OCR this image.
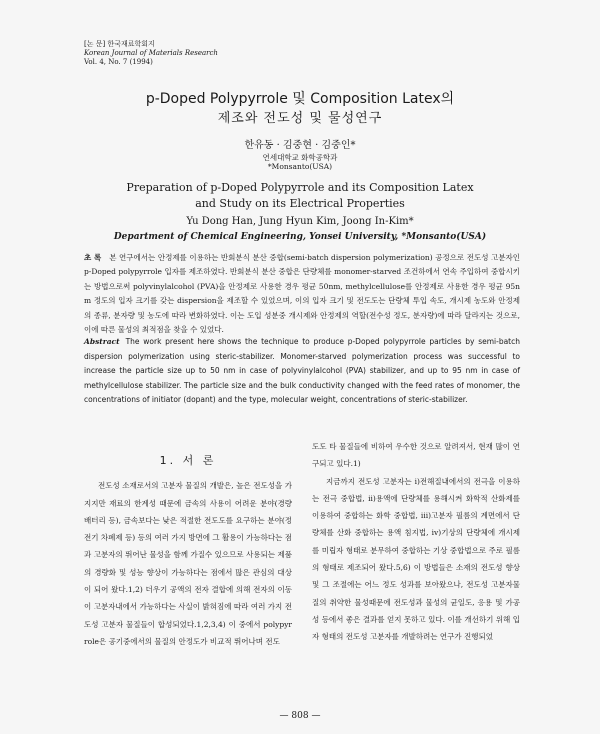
[논 문] 한국재료학회지
Korean Journal of Materials Research
Vol. 4, No. 7 (1994)
p-Doped Polypyrrole 및 Composition Latex의
제조와 전도성 및 물성연구
한유동 · 김중현 · 김중인*
연세대학교 화학공학과
*Monsanto(USA)
Preparation of p-Doped Polypyrrole and its Composition Latex
and Study on its Electrical Properties
Yu Dong Han, Jung Hyun Kim, Joong In-Kim*
Department of Chemical Engineering, Yonsei University, *Monsanto(USA)
초 록 본 연구에서는 안정제를 이용하는 반회분식 분산 중합(semi-batch dispersion polymerization) 공정으로 전도성 고분자인 p-Doped polypyrrole 입자를 제조하였다. 반회분식 분산 중합은 단량체를 monomer-starved 조건하에서 연속 주입하여 중합시키는 방법으로써 polyvinylalcohol (PVA)을 안정제로 사용한 경우 평균 50nm, methylcellulose를 안정제로 사용한 경우 평균 95nm 정도의 입자 크기를 갖는 dispersion을 제조할 수 있었으며, 이의 입자 크기 및 전도도는 단량체 투입 속도, 개시제 농도와 안정제의 종류, 분자량 및 농도에 따라 변화하였다. 이는 도입 성분중 개시제와 안정제의 역할(전수성 정도, 분자량)에 따라 달라지는 것으로, 이에 따른 물성의 최적점을 찾을 수 있었다.
Abstract The work present here shows the technique to produce p-Doped polypyrrole particles by semi-batch dispersion polymerization using steric-stabilizer. Monomer-starved polymerization process was successful to increase the particle size up to 50 nm in case of polyvinylalcohol (PVA) stabilizer, and up to 95 nm in case of methylcellulose stabilizer. The particle size and the bulk conductivity changed with the feed rates of monomer, the concentrations of initiator (dopant) and the type, molecular weight, concentrations of steric-stabilizer.
1. 서 론

전도성 소재로서의 고분자 물질의 개발은, 높은 전도성을 가지지만 재료의 한계성 때문에 금속의 사용이 어려운 분야(경량 배터리 등), 금속보다는 낮은 적절한 전도도를 요구하는 분야(정전기 차폐제 등) 등의 여러 가지 방면에 그 활용이 가능하다는 점과 고분자의 뛰어난 물성을 함께 가질수 있으므로 사용되는 제품의 경량화 및 성능 향상이 가능하다는 점에서 많은 관심의 대상이 되어 왔다.1,2) 더우기 공액의 전자 결합에 의해 전자의 이동이 고분자내에서 가능하다는 사실이 밝혀짐에 따라 여러 가지 전도성 고분자 물질들이 합성되었다.1,2,3,4) 이 중에서 polypyrrole은 공기중에서의 물질의 안정도가 비교적 뛰어나며 전도

도도 타 물질들에 비하여 우수한 것으로 알려져서, 현재 많이 연구되고 있다.1)

지금까지 전도성 고분자는 i)전해질내에서의 전극을 이용하는 전극 중합법, ii)용액에 단량체를 용해시켜 화학적 산화제를 이용하여 중합하는 화학 중합법, iii)고분자 필름의 계면에서 단량체를 산화 중합하는 용액 침지법, iv)기상의 단량체에 개시제를 미립자 형태로 분무하여 중합하는 기상 중합법으로 주로 필름의 형태로 제조되어 왔다.5,6) 이 방법들은 소재의 전도성 향상 및 그 조절에는 어느 정도 성과를 보아왔으나, 전도성 고분자물질의 취약한 물성때문에 전도성과 물성의 균일도, 응용 및 가공성 등에서 좋은 결과를 얻지 못하고 있다. 이를 개선하기 위해 입자 형태의 전도성 고분자를 개발하려는 연구가 진행되었

— 808 —
